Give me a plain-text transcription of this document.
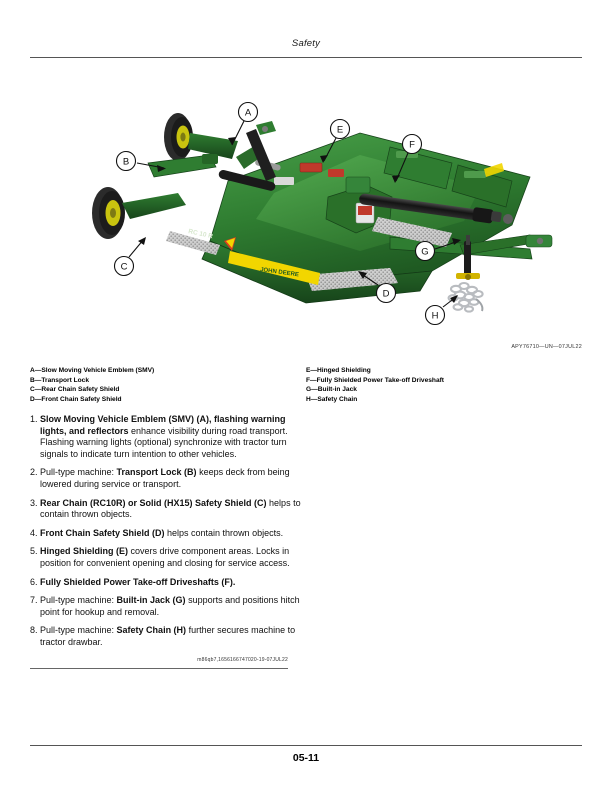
Safety
JOHN DEERE
RC 10 R
A
B
C
D
E
F
G
H
APY76710—UN—07JUL22
A—Slow Moving Vehicle Emblem (SMV)
B—Transport Lock
C—Rear Chain Safety Shield
D—Front Chain Safety Shield
E—Hinged Shielding
F—Fully Shielded Power Take-off Driveshaft
G—Built-in Jack
H—Safety Chain
1. Slow Moving Vehicle Emblem (SMV) (A), flashing warning lights, and reflectors enhance visibility during road transport. Flashing warning lights (optional) synchronize with tractor turn signals to indicate turn intention to other vehicles.
2. Pull-type machine: Transport Lock (B) keeps deck from being lowered during service or transport.
3. Rear Chain (RC10R) or Solid (HX15) Safety Shield (C) helps to contain thrown objects.
4. Front Chain Safety Shield (D) helps contain thrown objects.
5. Hinged Shielding (E) covers drive component areas. Locks in position for convenient opening and closing for service access.
6. Fully Shielded Power Take-off Driveshafts (F).
7. Pull-type machine: Built-in Jack (G) supports and positions hitch point for hookup and removal.
8. Pull-type machine: Safety Chain (H) further secures machine to tractor drawbar.
m86qb7,1656166747020-19-07JUL22
05-11
